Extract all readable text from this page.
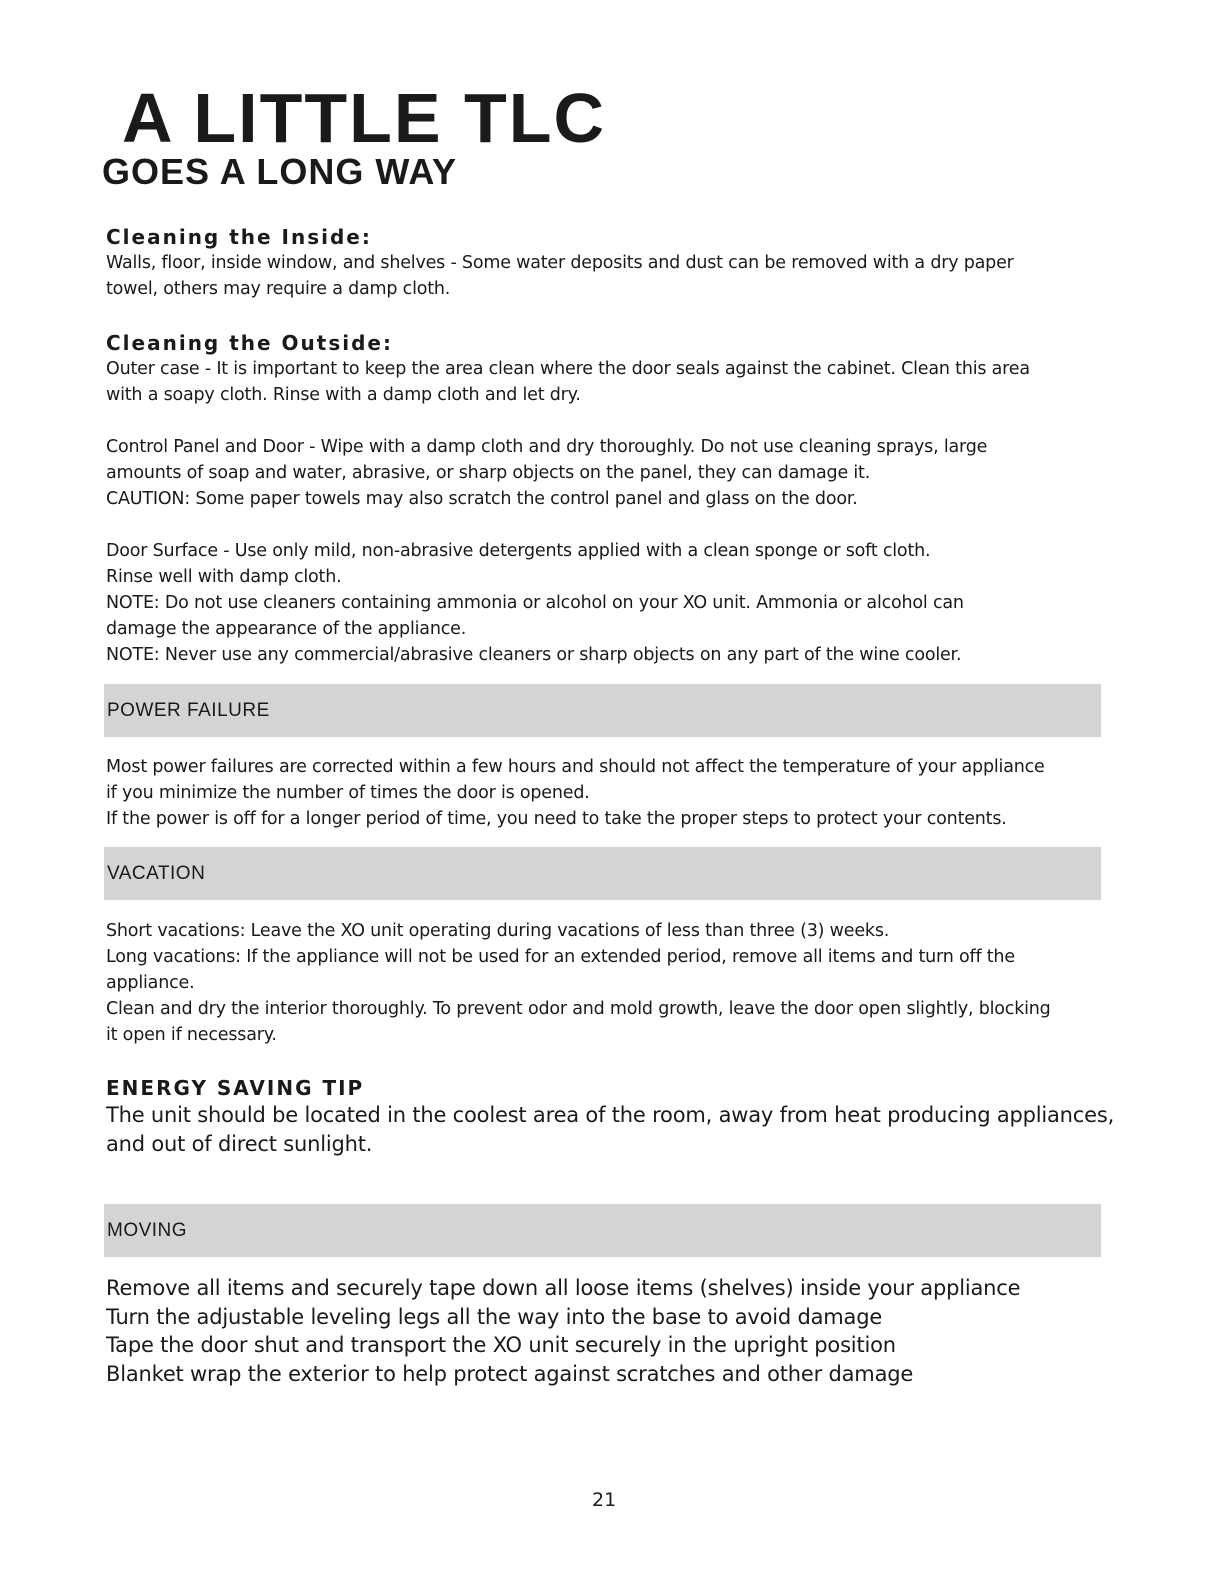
A LITTLE TLC
GOES A LONG WAY

Cleaning the Inside:

Walls, floor, inside window, and shelves - Some water deposits and dust can be removed with a dry paper

towel, others may require a damp cloth.

Cleaning the Outside:

Outer case - It is important to keep the area clean where the door seals against the cabinet. Clean this area

with a soapy cloth. Rinse with a damp cloth and let dry.

Control Panel and Door - Wipe with a damp cloth and dry thoroughly. Do not use cleaning sprays, large

amounts of soap and water, abrasive, or sharp objects on the panel, they can damage it.

CAUTION: Some paper towels may also scratch the control panel and glass on the door.

Door Surface - Use only mild, non-abrasive detergents applied with a clean sponge or soft cloth.

Rinse well with damp cloth.

NOTE: Do not use cleaners containing ammonia or alcohol on your XO unit. Ammonia or alcohol can

damage the appearance of the appliance.

NOTE: Never use any commercial/abrasive cleaners or sharp objects on any part of the wine cooler.

POWER FAILURE

Most power failures are corrected within a few hours and should not affect the temperature of your appliance

if you minimize the number of times the door is opened.

If the power is off for a longer period of time, you need to take the proper steps to protect your contents.

VACATION

Short vacations: Leave the XO unit operating during vacations of less than three (3) weeks.

Long vacations: If the appliance will not be used for an extended period, remove all items and turn off the

appliance.

Clean and dry the interior thoroughly. To prevent odor and mold growth, leave the door open slightly, blocking

it open if necessary.

ENERGY SAVING TIP

The unit should be located in the coolest area of the room, away from heat producing appliances,

and out of direct sunlight.

MOVING

Remove all items and securely tape down all loose items (shelves) inside your appliance

Turn the adjustable leveling legs all the way into the base to avoid damage

Tape the door shut and transport the XO unit securely in the upright position

Blanket wrap the exterior to help protect against scratches and other damage

21
